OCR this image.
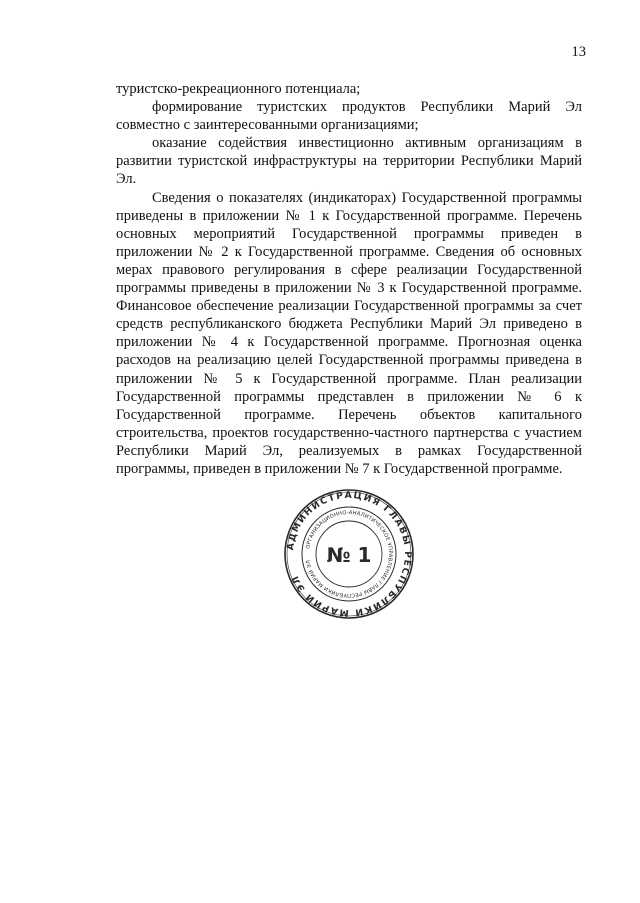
13

туристско-рекреационного потенциала;

формирование туристских продуктов Республики Марий Эл совместно с заинтересованными организациями;

оказание содействия инвестиционно активным организациям в развитии туристской инфраструктуры на территории Республики Марий Эл.

Сведения о показателях (индикаторах) Государственной программы приведены в приложении № 1 к Государственной программе. Перечень основных мероприятий Государственной программы приведен в приложении № 2 к Государственной программе. Сведения об основных мерах правового регулирования в сфере реализации Государственной программы приведены в приложении № 3 к Государственной программе. Финансовое обеспечение реализации Государственной программы за счет средств республиканского бюджета Республики Марий Эл приведено в приложении № 4 к Государственной программе. Прогнозная оценка расходов на реализацию целей Государственной программы приведена в приложении № 5 к Государственной программе. План реализации Государственной программы представлен в приложении № 6 к Государственной программе. Перечень объектов капитального строительства, проектов государственно-частного партнерства с участием Республики Марий Эл, реализуемых в рамках Государственной программы, приведен в приложении № 7 к Государственной программе.

АДМИНИСТРАЦИЯ ГЛАВЫ РЕСПУБЛИКИ МАРИЙ ЭЛ
ОРГАНИЗАЦИОННО-АНАЛИТИЧЕСКОЕ УПРАВЛЕНИЕ ГЛАВЫ РЕСПУБЛИКИ МАРИЙ ЭЛ № 1
